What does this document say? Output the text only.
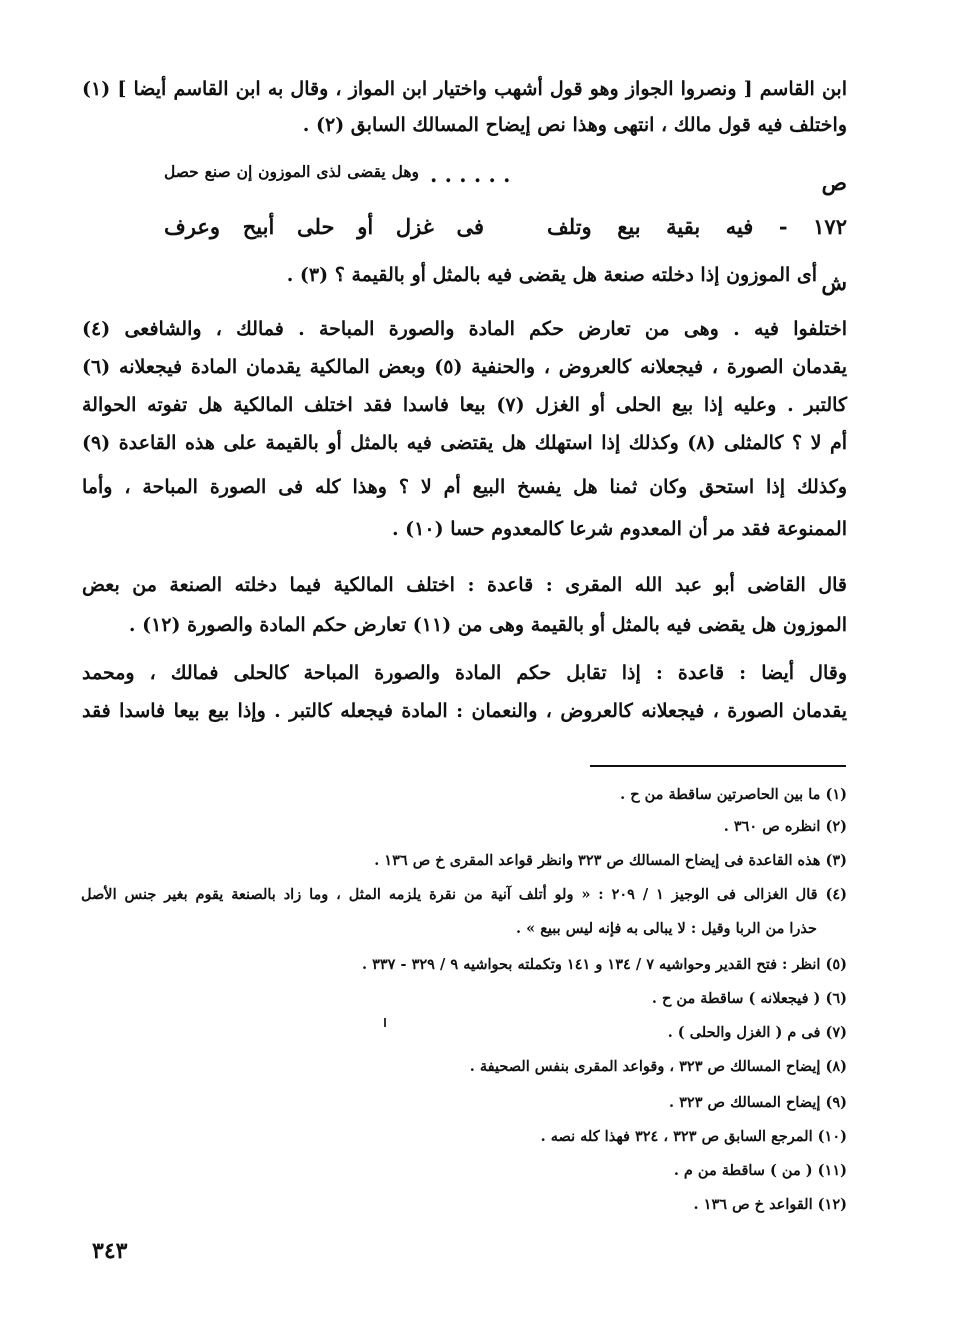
ابن القاسم [ ونصروا الجواز وهو قول أشهب واختيار ابن المواز ، وقال به ابن القاسم أيضا ] (١)
واختلف فيه قول مالك ، انتهى وهذا نص إيضاح المسالك السابق (٢) .
ص
. . . . . .
وهل يقضى لذى الموزون إن صنع حصل
١٧٢ - فيه بقية بيع وتلف
فى غزل أو حلى أبيح وعرف
ش
أى الموزون إذا دخلته صنعة هل يقضى فيه بالمثل أو بالقيمة ؟ (٣) .
اختلفوا فيه . وهى من تعارض حكم المادة والصورة المباحة . فمالك ، والشافعى (٤)
يقدمان الصورة ، فيجعلانه كالعروض ، والحنفية (٥) وبعض المالكية يقدمان المادة فيجعلانه (٦)
كالتبر . وعليه إذا بيع الحلى أو الغزل (٧) بيعا فاسدا فقد اختلف المالكية هل تفوته الحوالة
أم لا ؟ كالمثلى (٨) وكذلك إذا استهلك هل يقتضى فيه بالمثل أو بالقيمة على هذه القاعدة (٩)
وكذلك إذا استحق وكان ثمنا هل يفسخ البيع أم لا ؟ وهذا كله فى الصورة المباحة ، وأما
الممنوعة فقد مر أن المعدوم شرعا كالمعدوم حسا (١٠) .
قال القاضى أبو عبد الله المقرى : قاعدة : اختلف المالكية فيما دخلته الصنعة من بعض
الموزون هل يقضى فيه بالمثل أو بالقيمة وهى من (١١) تعارض حكم المادة والصورة (١٢) .
وقال أيضا : قاعدة : إذا تقابل حكم المادة والصورة المباحة كالحلى فمالك ، ومحمد
يقدمان الصورة ، فيجعلانه كالعروض ، والنعمان : المادة فيجعله كالتبر . وإذا بيع بيعا فاسدا فقد
(١) ما بين الحاصرتين ساقطة من ح .
(٢) انظره ص ٣٦٠ .
(٣) هذه القاعدة فى إيضاح المسالك ص ٣٢٣ وانظر قواعد المقرى خ ص ١٣٦ .
(٤) قال الغزالى فى الوجيز ١ / ٢٠٩ : « ولو أتلف آنية من نقرة يلزمه المثل ، وما زاد بالصنعة يقوم بغير جنس الأصل
حذرا من الربا وقيل : لا يبالى به فإنه ليس ببيع » .
(٥) انظر : فتح القدير وحواشيه ٧ / ١٣٤ و ١٤١ وتكملته بحواشيه ٩ / ٣٢٩ - ٣٣٧ .
(٦) ( فيجعلانه ) ساقطة من ح .
(٧) فى م ( الغزل والحلى ) .
(٨) إيضاح المسالك ص ٣٢٣ ، وقواعد المقرى بنفس الصحيفة .
(٩) إيضاح المسالك ص ٣٢٣ .
(١٠) المرجع السابق ص ٣٢٣ ، ٣٢٤ فهذا كله نصه .
(١١) ( من ) ساقطة من م .
(١٢) القواعد خ ص ١٣٦ .
٣٤٣
